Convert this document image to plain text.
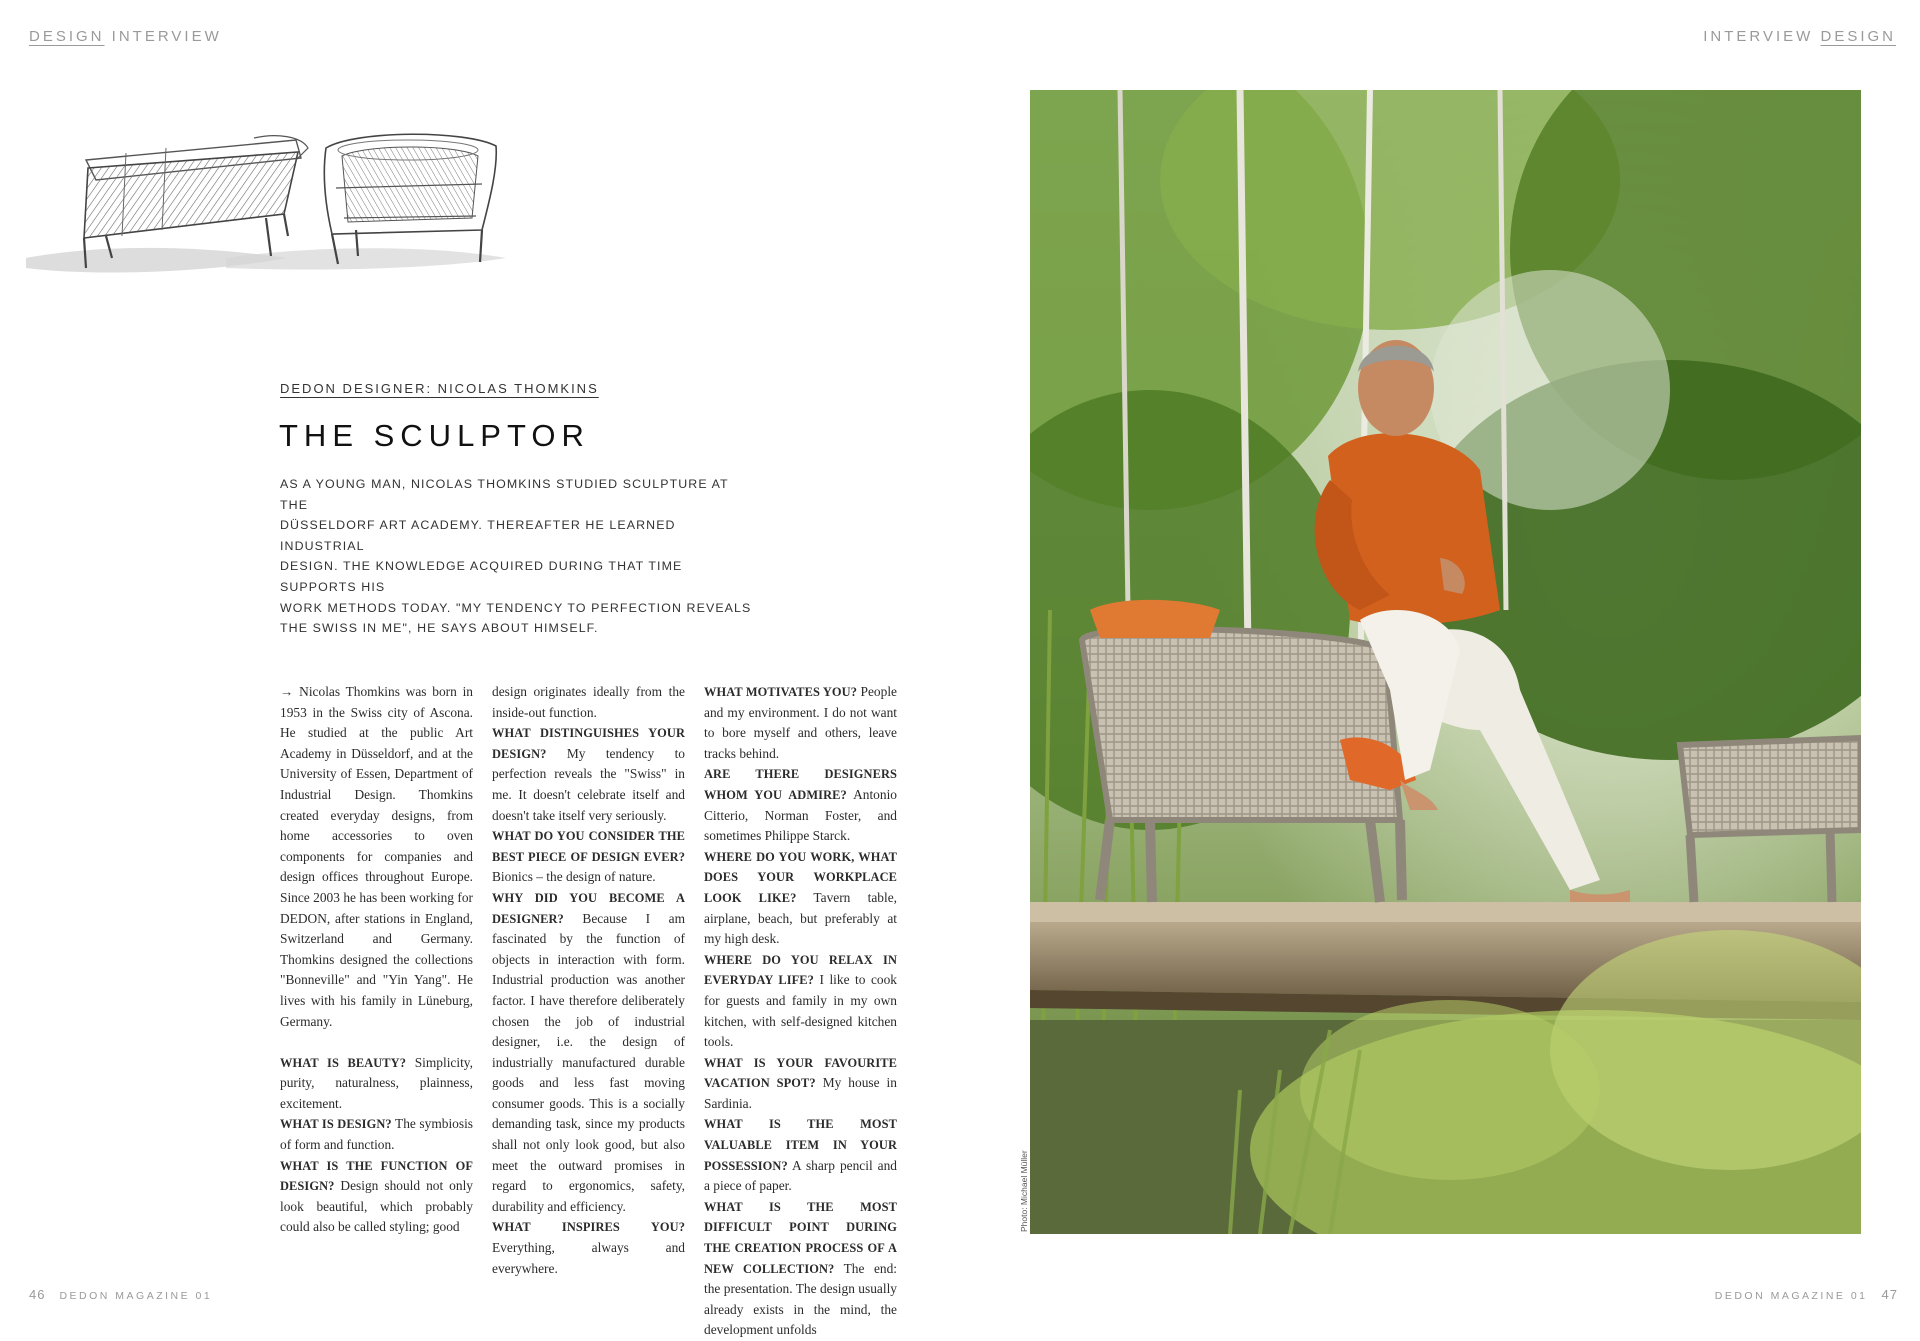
DESIGN INTERVIEW	INTERVIEW DESIGN
DEDON DESIGNER: NICOLAS THOMKINS
THE SCULPTOR

AS A YOUNG MAN, NICOLAS THOMKINS STUDIED SCULPTURE AT THE
DÜSSELDORF ART ACADEMY. THEREAFTER HE LEARNED INDUSTRIAL
DESIGN. THE KNOWLEDGE ACQUIRED DURING THAT TIME SUPPORTS HIS
WORK METHODS TODAY. "MY TENDENCY TO PERFECTION REVEALS
THE SWISS IN ME", HE SAYS ABOUT HIMSELF.

→ Nicolas Thomkins was born in 1953 in the Swiss city of Ascona. He studied at the public Art Academy in Düsseldorf, and at the University of Essen, Department of Industrial Design. Thomkins created everyday designs, from home accessories to oven components for companies and design offices throughout Europe. Since 2003 he has been working for DEDON, after stations in England, Switzerland and Germany. Thomkins designed the collections "Bonneville" and "Yin Yang". He lives with his family in Lüneburg, Germany.

WHAT IS BEAUTY? Simplicity, purity, naturalness, plainness, excitement.

WHAT IS DESIGN? The symbiosis of form and function.

WHAT IS THE FUNCTION OF DESIGN? Design should not only look beautiful, which probably could also be called styling; good

design originates ideally from the inside-out function.

WHAT DISTINGUISHES YOUR DESIGN? My tendency to perfection reveals the "Swiss" in me. It doesn't celebrate itself and doesn't take itself very seriously.

WHAT DO YOU CONSIDER THE BEST PIECE OF DESIGN EVER? Bionics – the design of nature.

WHY DID YOU BECOME A DESIGNER? Because I am fascinated by the function of objects in interaction with form. Industrial production was another factor. I have therefore deliberately chosen the job of industrial designer, i.e. the design of industrially manufactured durable goods and less fast moving consumer goods. This is a socially demanding task, since my products shall not only look good, but also meet the outward promises in regard to ergonomics, safety, durability and efficiency.

WHAT INSPIRES YOU? Everything, always and everywhere.

WHAT MOTIVATES YOU? People and my environment. I do not want to bore myself and others, leave tracks behind.

ARE THERE DESIGNERS WHOM YOU ADMIRE? Antonio Citterio, Norman Foster, and sometimes Philippe Starck.

WHERE DO YOU WORK, WHAT DOES YOUR WORKPLACE LOOK LIKE? Tavern table, airplane, beach, but preferably at my high desk.

WHERE DO YOU RELAX IN EVERYDAY LIFE? I like to cook for guests and family in my own kitchen, with self-designed kitchen tools.

WHAT IS YOUR FAVOURITE VACATION SPOT? My house in Sardinia.

WHAT IS THE MOST VALUABLE ITEM IN YOUR POSSESSION? A sharp pencil and a piece of paper.

WHAT IS THE MOST DIFFICULT POINT DURING THE CREATION PROCESS OF A NEW COLLECTION? The end: the presentation. The design usually already exists in the mind, the development unfolds

Photo: Michael Müller
46 DEDON MAGAZINE 01	DEDON MAGAZINE 01 47
